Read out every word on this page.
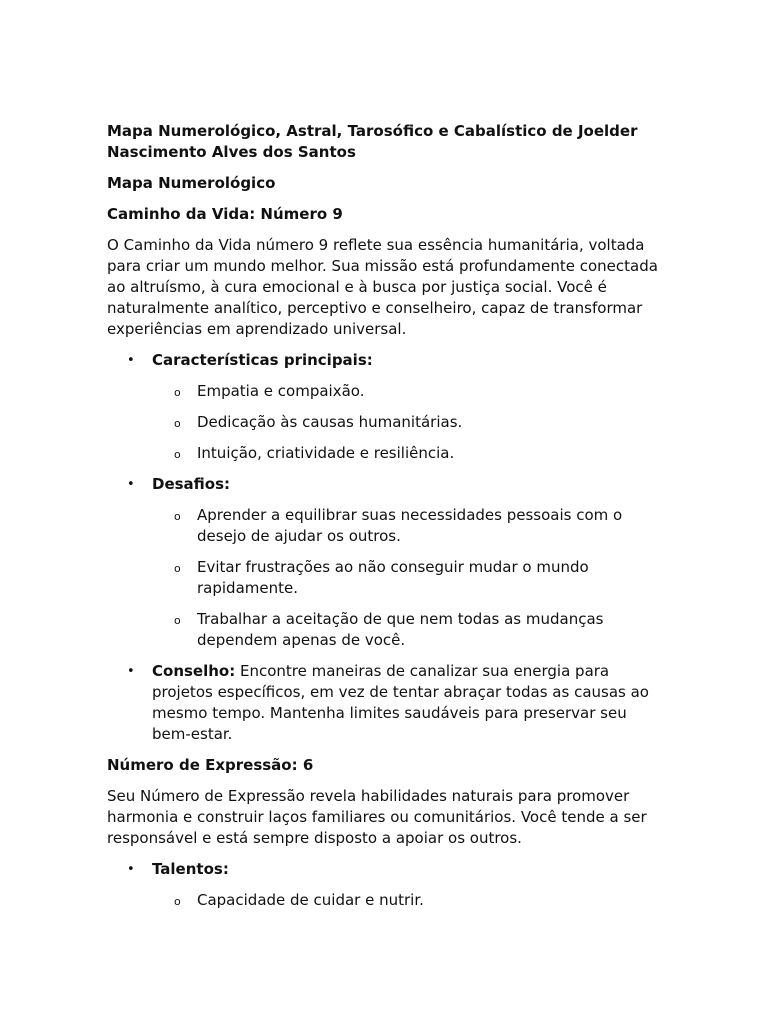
Mapa Numerológico, Astral, Tarosófico e Cabalístico de Joelder Nascimento Alves dos Santos

Mapa Numerológico

Caminho da Vida: Número 9

O Caminho da Vida número 9 reflete sua essência humanitária, voltada para criar um mundo melhor. Sua missão está profundamente conectada ao altruísmo, à cura emocional e à busca por justiça social. Você é naturalmente analítico, perceptivo e conselheiro, capaz de transformar experiências em aprendizado universal.

• Características principais:
o Empatia e compaixão.
o Dedicação às causas humanitárias.
o Intuição, criatividade e resiliência.
• Desafios:
o Aprender a equilibrar suas necessidades pessoais com o desejo de ajudar os outros.
o Evitar frustrações ao não conseguir mudar o mundo rapidamente.
o Trabalhar a aceitação de que nem todas as mudanças dependem apenas de você.
• Conselho: Encontre maneiras de canalizar sua energia para projetos específicos, em vez de tentar abraçar todas as causas ao mesmo tempo. Mantenha limites saudáveis para preservar seu bem-estar.

Número de Expressão: 6

Seu Número de Expressão revela habilidades naturais para promover harmonia e construir laços familiares ou comunitários. Você tende a ser responsável e está sempre disposto a apoiar os outros.

• Talentos:
o Capacidade de cuidar e nutrir.
